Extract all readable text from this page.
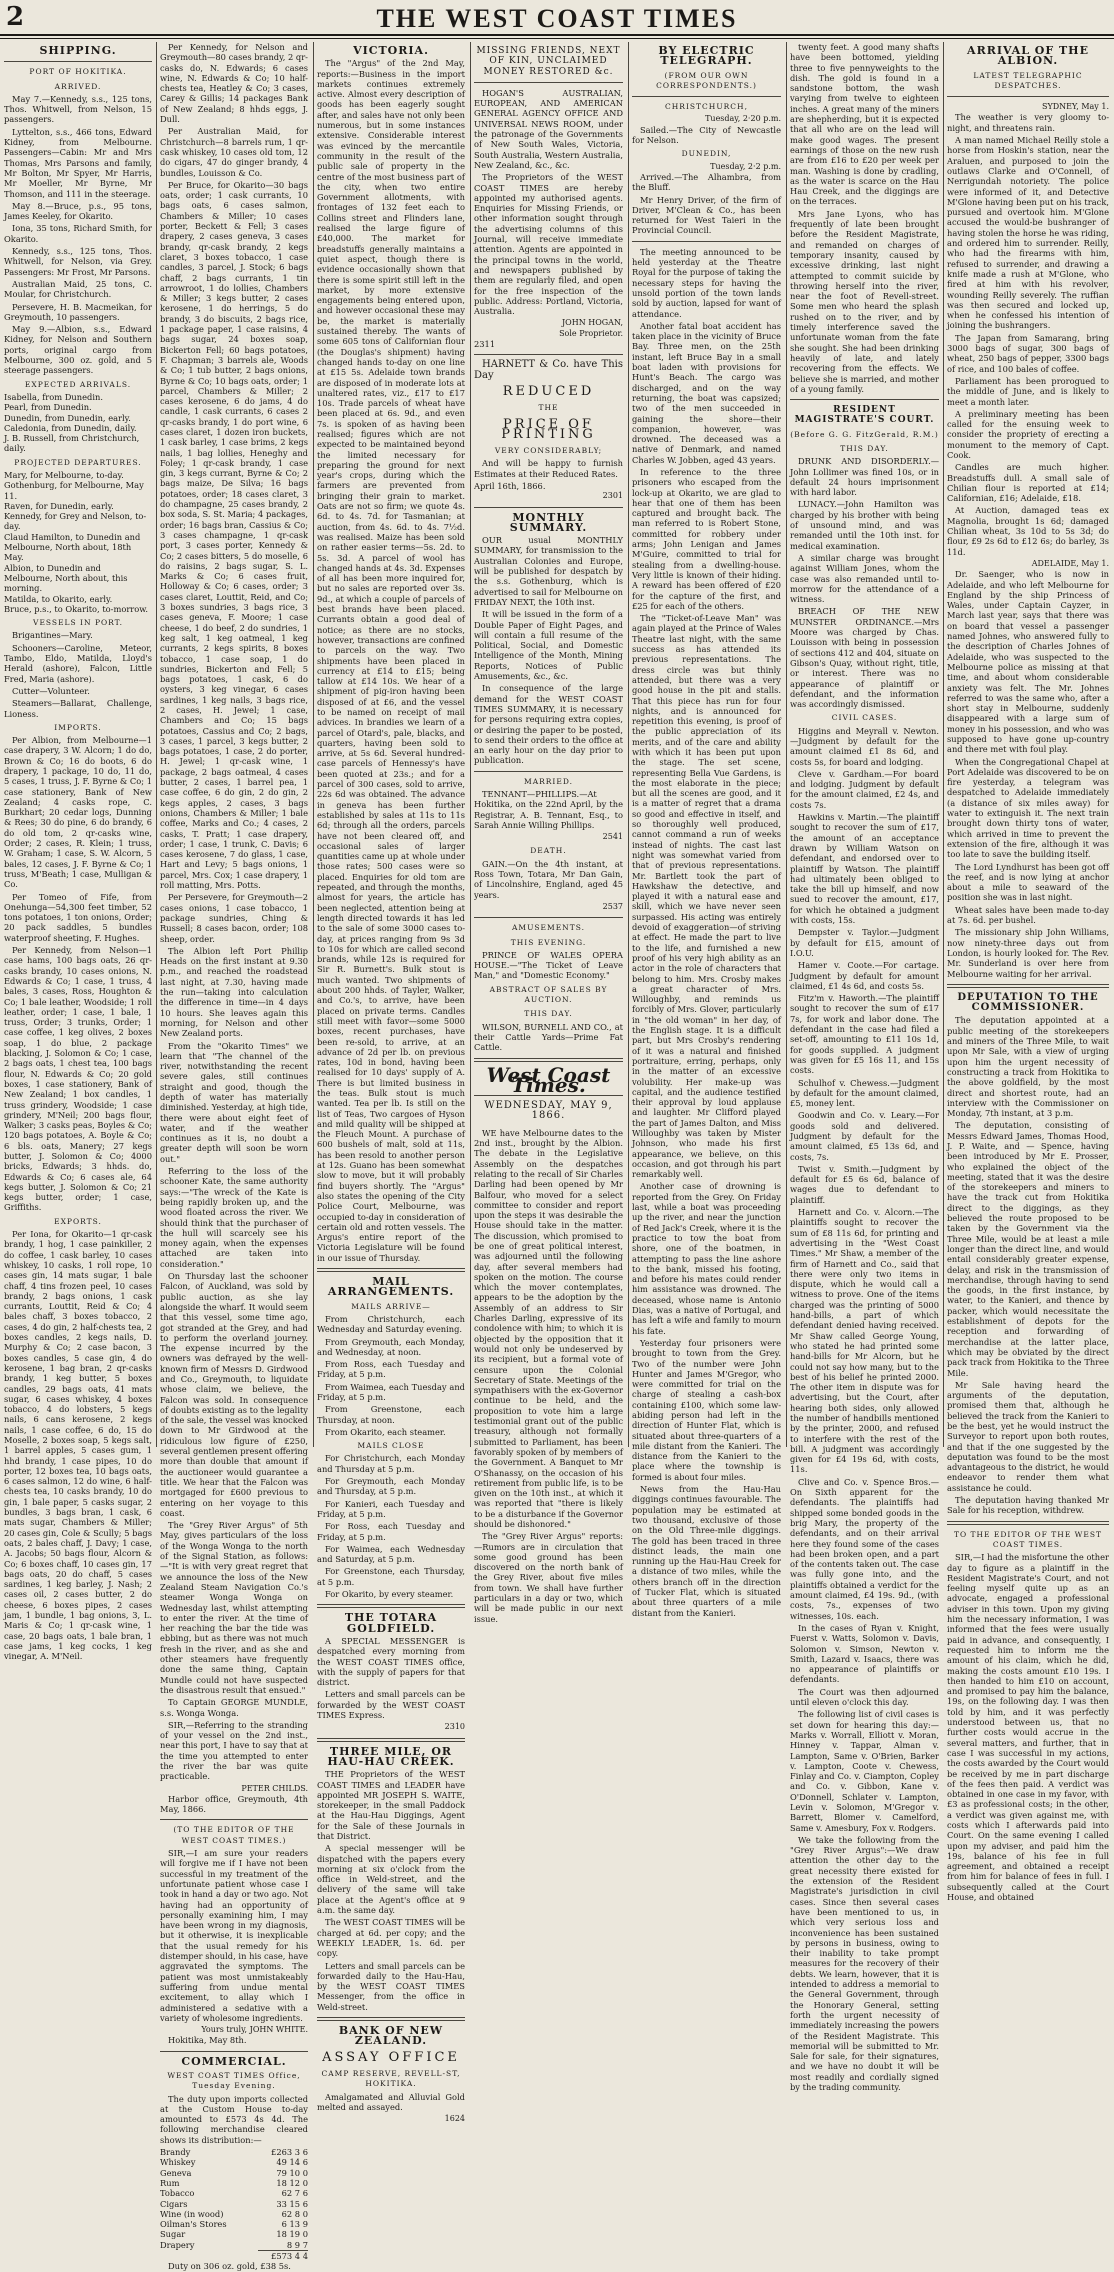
2	THE WEST COAST TIMES
SHIPPING.
PORT OF HOKITIKA.
ARRIVED.
May 7.—Kennedy, s.s., 125 tons, Thos. Whitwell, from Nelson, 15 passengers.
Lyttelton, s.s., 466 tons, Edward Kidney, from Melbourne. Passengers—Cabin: Mr and Mrs Thomas, Mrs Parsons and family, Mr Bolton, Mr Spyer, Mr Harris, Mr Moeller, Mr Byrne, Mr Thomson, and 111 in the steerage.
May 8.—Bruce, p.s., 95 tons, James Keeley, for Okarito.
Iona, 35 tons, Richard Smith, for Okarito.
Kennedy, s.s., 125 tons, Thos. Whitwell, for Nelson, via Grey. Passengers: Mr Frost, Mr Parsons.
Australian Maid, 25 tons, C. Moular, for Christchurch.
Persevere, H. B. Macmeikan, for Greymouth, 10 passengers.
May 9.—Albion, s.s., Edward Kidney, for Nelson and Southern ports, original cargo from Melbourne, 300 oz. gold, and 5 steerage passengers.
EXPECTED ARRIVALS.
Isabella, from Dunedin.
Pearl, from Dunedin.
Dunedin, from Dunedin, early.
Caledonia, from Dunedin, daily.
J. B. Russell, from Christchurch, daily.
PROJECTED DEPARTURES.
Mary, for Melbourne, to-day.
Gothenburg, for Melbourne, May 11.
Raven, for Dunedin, early.
Kennedy, for Grey and Nelson, to-day.
Claud Hamilton, to Dunedin and Melbourne, North about, 18th May.
Albion, to Dunedin and Melbourne, North about, this morning.
Matilda, to Okarito, early.
Bruce, p.s., to Okarito, to-morrow.
VESSELS IN PORT.
Brigantines—Mary.
Schooners—Caroline, Meteor, Tambo, Eldo, Matilda, Lloyd's Herald (ashore), Falcon, Little Fred, Maria (ashore).
Cutter—Volunteer.
Steamers—Ballarat, Challenge, Lioness.
IMPORTS.
Per Albion, from Melbourne—1 case drapery, 3 W. Alcorn; 1 do do, Brown & Co; 16 do boots, 6 do drapery, 1 package, 10 do, 11 do, 5 cases, 1 truss, J. F. Byrne & Co; 1 case stationery, Bank of New Zealand; 4 casks rope, C. Burkhart; 20 cedar logs, Dunning & Rees; 30 do pine, 6 do brandy, 6 do old tom, 2 qr-casks wine, Order; 2 cases, R. Klein; 1 truss, W. Graham; 1 case, S. W. Alcorn, 5 bales, 12 cases, J. F. Byrne & Co; 1 truss, M'Beath; 1 case, Mulligan & Co.
Per Tomeo of Fife, from Onehunga—54,300 feet timber, 52 tons potatoes, 1 ton onions, Order; 20 pack saddles, 5 bundles waterproof sheeting, F. Hughes.
Per Kennedy, from Nelson—1 case hams, 100 bags oats, 26 qr-casks brandy, 10 cases onions, N. Edwards & Co; 1 case, 1 truss, 4 bales, 3 cases, Ross, Houghton & Co; 1 bale leather, Woodside; 1 roll leather, order; 1 case, 1 bale, 1 truss, Order; 3 trunks, Order; 1 case coffee, 1 keg olives, 2 boxes soap, 1 do blue, 2 package blacking, J. Solomon & Co; 1 case, 2 bags oats, 1 chest tea, 100 bags flour, N. Edwards & Co; 20 gold boxes, 1 case stationery, Bank of New Zealand; 1 box candles, 1 truss grindery, Woodside; 1 case grindery, M'Neil; 200 bags flour, Walker; 3 casks peas, Boyles & Co; 120 bags potatoes, A. Boyle & Co; 6 bls. oats, Manery; 27 kegs butter, J. Solomon & Co; 4000 bricks, Edwards; 3 hhds. do, Edwards & Co; 6 cases ale, 64 kegs butter, J. Solomon & Co; 21 kegs butter, order; 1 case, Griffiths.
EXPORTS.
Per Iona, for Okarito—1 qr-cask brandy, 1 hog, 1 case painkiller, 2 do coffee, 1 cask barley, 10 cases whiskey, 10 casks, 1 roll rope, 10 cases gin, 14 mats sugar, 1 bale chaff, 4 tins frozen peel, 10 cases brandy, 2 bags onions, 1 cask currants, Louttit, Reid & Co; 4 bales chaff, 3 boxes tobacco, 2 cases, 4 do gin, 2 half-chests tea, 2 boxes candles, 2 kegs nails, D. Murphy & Co; 2 case bacon, 3 boxes candles, 5 case gin, 4 do kerosene, 1 bag bran, 2 qr-casks brandy, 1 keg butter, 5 boxes candles, 29 bags oats, 41 mats sugar, 6 cases whiskey, 4 boxes tobacco, 4 do lobsters, 5 kegs nails, 6 cans kerosene, 2 kegs nails, 1 case coffee, 6 do, 15 do Moselle, 2 boxes soap, 5 kegs salt, 1 barrel apples, 5 cases gum, 1 hhd brandy, 1 case pipes, 10 do porter, 12 boxes tea, 10 bags oats, 6 cases salmon, 12 do wine, 6 half-chests tea, 10 casks brandy, 10 do gin, 1 bale paper, 5 casks sugar, 2 bundles, 3 bags bran, 1 cask, 6 mats sugar, Chambers & Miller; 20 cases gin, Cole & Scully; 5 bags oats, 2 bales chaff, J. Davy; 1 case, A. Jacobs; 50 bags flour, Alcorn & Co; 6 boxes chaff, 10 cases gin, 17 bags oats, 20 do chaff, 5 cases sardines, 1 keg barley, J. Nash; 2 cases oil, 2 cases butter, 2 do cheese, 6 boxes pipes, 2 cases jam, 1 bundle, 1 bag onions, 3, L. Maris & Co; 1 qr-cask wine, 1 case, 20 bags oats, 1 bale bran, 1 case jams, 1 keg cocks, 1 keg vinegar, A. M'Neil.
Per Kennedy, for Nelson and Greymouth—80 cases brandy, 2 qr-casks do, N. Edwards; 6 cases wine, N. Edwards & Co; 10 half-chests tea, Heatley & Co; 3 cases, Carey & Gillis; 14 packages Bank of New Zealand; 8 hhds eggs, J. Dull.
Per Australian Maid, for Christchurch—8 barrels rum, 1 qr-cask whiskey, 10 cases old tom, 12 do cigars, 47 do ginger brandy, 4 bundles, Louisson & Co.
Per Bruce, for Okarito—30 bags oats, order; 1 cask currants, 10 bags oats, 6 cases salmon, Chambers & Miller; 10 cases porter, Beckett & Fell; 3 cases drapery, 2 cases geneva, 3 cases brandy, qr-cask brandy, 2 kegs claret, 3 boxes tobacco, 1 case candles, 3 parcel, J. Stock; 6 bags chaff, 2 bags currants, 1 tin arrowroot, 1 do lollies, Chambers & Miller; 3 kegs butter, 2 cases kerosene, 1 do herrings, 5 do brandy, 3 do biscuits, 2 bags rice, 1 package paper, 1 case raisins, 4 bags sugar, 24 boxes soap, Bickerton Fell; 60 bags potatoes, F. Chapman; 3 barrels ale, Woods & Co; 1 tub butter, 2 bags onions, Byrne & Co; 10 bags oats, order; 1 parcel, Chambers & Miller; 2 cases kerosene, 6 do jams, 4 do candle, 1 cask currants, 6 cases 2 qr-casks brandy, 1 do port wine, 6 cases claret, 1 dozen iron buckets, 1 cask barley, 1 case brims, 2 kegs nails, 1 bag lollies, Heneghy and Foley; 1 qr-cask brandy, 1 case gin, 3 kegs currant, Byrne & Co; 2 bags maize, De Silva; 16 bags potatoes, order; 18 cases claret, 3 do champagne, 25 cases brandy, 2 box soda, S. St. Maria; 4 packages, order; 16 bags bran, Cassius & Co; 3 cases champagne, 1 qr-cask port, 3 cases porter, Kennedy & Co; 2 cases bitters, 5 do moselle, 6 do raisins, 2 bags sugar, S. L. Marks & Co; 6 cases fruit, Holloway & Co; 6 cases, order; 3 cases claret, Louttit, Reid, and Co; 3 boxes sundries, 3 bags rice, 3 cases geneva, F. Moore; 1 case cheese, 1 do beef, 2 do sundries, 1 keg salt, 1 keg oatmeal, 1 keg currants, 2 kegs spirits, 8 boxes tobacco, 1 case soap, 1 do sundries, Bickerton and Fell; 5 bags potatoes, 1 cask, 6 do oysters, 3 keg vinegar, 6 cases sardines, 1 keg nails, 3 bags rice, 2 cases, H. Jewel; 1 case, Chambers and Co; 15 bags potatoes, Cassius and Co; 2 bags, 3 cases, 1 parcel, 3 kegs butter, 2 bags potatoes, 1 case, 2 do porter, H. Jewel; 1 qr-cask wine, 1 package, 2 bags oatmeal, 4 cases butter, 2 cases, 1 barrel pea, 1 case coffee, 6 do gin, 2 do gin, 2 kegs apples, 2 cases, 3 bags onions, Chambers & Miller; 1 bale coffee, Marks and Co.; 4 cases, 2 casks, T. Pratt; 1 case drapery, order; 1 case, 1 trunk, C. Davis; 6 cases kerosene, 7 do glass, 1 case, Hart and Levy; 5 bags onions, 1 parcel, Mrs. Cox; 1 case drapery, 1 roll matting, Mrs. Potts.
Per Persevere, for Greymouth—2 cases onions, 1 case tobacco, 1 package sundries, Ching & Russell; 8 cases bacon, order; 108 sheep, order.
The Albion left Port Phillip Heads on the first instant at 9.30 p.m., and reached the roadstead last night, at 7.30, having made the run—taking into calculation the difference in time—in 4 days 10 hours. She leaves again this morning, for Nelson and other New Zealand ports.
From the "Okarito Times" we learn that "The channel of the river, notwithstanding the recent severe gales, still continues straight and good, though the depth of water has materially diminished. Yesterday, at high tide, there were about eight feet of water, and if the weather continues as it is, no doubt a greater depth will soon be worn out."
Referring to the loss of the schooner Kate, the same authority says:—"The wreck of the Kate is being rapidly broken up, and the wood floated across the river. We should think that the purchaser of the hull will scarcely see his money again, when the expenses attached are taken into consideration."
On Thursday last the schooner Falcon, of Auckland, was sold by public auction, as she lay alongside the wharf. It would seem that this vessel, some time ago, got stranded at the Grey, and had to perform the overland journey. The expense incurred by the owners was defrayed by the well-known firm of Messrs D. Girdwood and Co., Greymouth, to liquidate whose claim, we believe, the Falcon was sold. In consequence of doubts existing as to the legality of the sale, the vessel was knocked down to Mr Girdwood at the ridiculous low figure of £250, several gentlemen present offering more than double that amount if the auctioneer would guarantee a title. We hear that the Falcon was mortgaged for £600 previous to entering on her voyage to this coast.
The "Grey River Argus" of 5th May, gives particulars of the loss of the Wonga Wonga to the north of the Signal Station, as follows:—"It is with very great regret that we announce the loss of the New Zealand Steam Navigation Co.'s steamer Wonga Wonga on Wednesday last, whilst attempting to enter the river. At the time of her reaching the bar the tide was ebbing, but as there was not much fresh in the river, and as she and other steamers have frequently done the same thing, Captain Mundle could not have suspected the disastrous result that ensued."
To Captain GEORGE MUNDLE, s.s. Wonga Wonga.
SIR,—Referring to the stranding of your vessel on the 2nd inst., near this port, I have to say that at the time you attempted to enter the river the bar was quite practicable.
PETER CHILDS.
Harbor office, Greymouth, 4th May, 1866.
(TO THE EDITOR OF THE WEST COAST TIMES.)
SIR,—I am sure your readers will forgive me if I have not been successful in my treatment of the unfortunate patient whose case I took in hand a day or two ago. Not having had an opportunity of personally examining him, I may have been wrong in my diagnosis, but it otherwise, it is inexplicable that the usual remedy for his distemper should, in his case, have aggravated the symptoms. The patient was most unmistakeably suffering from undue mental excitement, to allay which I administered a sedative with a variety of wholesome ingredients.
Yours truly, JOHN WHITE.
Hokitika, May 8th.
COMMERCIAL.
WEST COAST TIMES Office, Tuesday Evening.
The duty upon imports collected at the Custom House to-day amounted to £573 4s 4d. The following merchandise cleared shows its distribution:—
Brandy	£263 3 6
Whiskey	49 14 6
Geneva	79 10 0
Rum	18 12 0
Tobacco	62 7 6
Cigars	33 15 6
Wine (in wood)	62 8 0
Oilman's Stores	6 13 9
Sugar	18 19 0
Drapery	8 9 7
	£573 4 4
Duty on 306 oz. gold, £38 5s.
VICTORIA.
The "Argus" of the 2nd May, reports:—Business in the import markets continues extremely active. Almost every description of goods has been eagerly sought after, and sales have not only been numerous, but in some instances extensive. Considerable interest was evinced by the mercantile community in the result of the public sale of property in the centre of the most business part of the city, when two entire Government allotments, with frontages of 132 feet each to Collins street and Flinders lane, realised the large figure of £40,000. The market for breadstuffs generally maintains a quiet aspect, though there is evidence occasionally shown that there is some spirit still left in the market, by more extensive engagements being entered upon, and however occasional these may be, the market is materially sustained thereby. The wants of some 605 tons of Californian flour (the Douglas's shipment) having changed hands to-day on one line at £15 5s. Adelaide town brands are disposed of in moderate lots at unaltered rates, viz., £17 to £17 10s. Trade parcels of wheat have been placed at 6s. 9d., and even 7s. is spoken of as having been realised; figures which are not expected to be maintained beyond the limited necessary for preparing the ground for next year's crops, during which the farmers are prevented from bringing their grain to market. Oats are not so firm; we quote 4s. 6d. to 4s. 7d. for Tasmanian; at auction, from 4s. 6d. to 4s. 7½d. was realised. Maize has been sold on rather easier terms—5s. 2d. to 5s. 3d. A parcel of wool has changed hands at 4s. 3d. Expenses of all has been more inquired for, but no sales are reported over 3s. 9d., at which a couple of parcels of best brands have been placed. Currants obtain a good deal of notice; as there are no stocks, however, transactions are confined to parcels on the way. Two shipments have been placed in currency at £14 to £15; being tallow at £14 10s. We hear of a shipment of pig-iron having been disposed of at £6, and the vessel to be named on receipt of mail advices. In brandies we learn of a parcel of Otard's, pale, blacks, and quarters, having been sold to arrive, at 5s 6d. Several hundred-case parcels of Hennessy's have been quoted at 23s.; and for a parcel of 300 cases, sold to arrive, 22s 6d was obtained. The advance in geneva has been further established by sales at 11s to 11s 6d; through all the orders, parcels have not been cleared off, and occasional sales of larger quantities came up at whole under those rates; 500 cases were so placed. Enquiries for old tom are repeated, and through the months, almost for years, the article has been neglected, attention being at length directed towards it has led to the sale of some 3000 cases to-day, at prices ranging from 9s 3d to 10s for which are called second brands, while 12s is required for Sir R. Burnett's. Bulk stout is much wanted. Two shipments of about 200 hhds. of Tayler, Walker, and Co.'s, to arrive, have been placed on private terms. Candles still meet with favor—some 5000 boxes, recent purchases, have been re-sold, to arrive, at an advance of 2d per lb. on previous rates, 10d in bond, having been realised for 10 days' supply of A. There is but limited business in the teas. Bulk stout is much wanted. Tea per lb. Is still on the list of Teas, Two cargoes of Hyson and mild quality will be shipped at the Fleuch Mount. A purchase of 600 bushels of malt, sold at 11s, has been resold to another person at 12s. Guano has been somewhat slow to move, but it will probably find buyers shortly. The "Argus" also states the opening of the City Police Court, Melbourne, was occupied to-day in consideration of certain old and rotten vessels. The Argus's entire report of the Victoria Legislature will be found in our issue of Thursday.
MAIL ARRANGEMENTS.
MAILS ARRIVE—
From Christchurch, each Wednesday and Saturday evening.
From Greymouth, each Monday, and Wednesday, at noon.
From Ross, each Tuesday and Friday, at 5 p.m.
From Waimea, each Tuesday and Friday, at 5 p.m.
From Greenstone, each Thursday, at noon.
From Okarito, each steamer.
MAILS CLOSE
For Christchurch, each Monday and Thursday at 5 p.m.
For Greymouth, each Monday and Thursday, at 5 p.m.
For Kanieri, each Tuesday and Friday, at 5 p.m.
For Ross, each Tuesday and Friday, at 5 p.m.
For Waimea, each Wednesday and Saturday, at 5 p.m.
For Greenstone, each Thursday, at 5 p.m.
For Okarito, by every steamer.
THE TOTARA GOLDFIELD.
A SPECIAL MESSENGER is despatched every morning from the WEST COAST TIMES office, with the supply of papers for that district.
Letters and small parcels can be forwarded by the WEST COAST TIMES Express.
2310
THREE MILE, OR HAU-HAU CREEK.
THE Proprietors of the WEST COAST TIMES and LEADER have appointed MR JOSEPH S. WAITE, storekeeper, in the small Paddock at the Hau-Hau Diggings, Agent for the Sale of these Journals in that District.
A special messenger will be dispatched with the papers every morning at six o'clock from the office in Weld-street, and the delivery of the same will take place at the Agent's office at 9 a.m. the same day.
The WEST COAST TIMES will be charged at 6d. per copy; and the WEEKLY LEADER, 1s. 6d. per copy.
Letters and small parcels can be forwarded daily to the Hau-Hau, by the WEST COAST TIMES Messenger, from the office in Weld-street.
BANK OF NEW ZEALAND.
ASSAY OFFICE
CAMP RESERVE, REVELL-ST, HOKITIKA.
Amalgamated and Alluvial Gold melted and assayed.
1624
MISSING FRIENDS, NEXT OF KIN, UNCLAIMED MONEY RESTORED &c.
HOGAN'S AUSTRALIAN, EUROPEAN, AND AMERICAN GENERAL AGENCY OFFICE AND UNIVERSAL NEWS ROOM, under the patronage of the Governments of New South Wales, Victoria, South Australia, Western Australia, New Zealand, &c., &c.
The Proprietors of the WEST COAST TIMES are hereby appointed my authorised agents. Enquiries for Missing Friends, or other information sought through the advertising columns of this Journal, will receive immediate attention. Agents are appointed in the principal towns in the world, and newspapers published by them are regularly filed, and open for the free inspection of the public. Address: Portland, Victoria, Australia.
JOHN HOGAN,
Sole Proprietor.
2311
HARNETT & Co. have This Day
REDUCED
THE
PRICE OF PRINTING
VERY CONSIDERABLY;
And will be happy to furnish Estimates at their Reduced Rates.
April 16th, 1866.
2301
MONTHLY SUMMARY.
OUR usual MONTHLY SUMMARY, for transmission to the Australian Colonies and Europe, will be published for despatch by the s.s. Gothenburg, which is advertised to sail for Melbourne on FRIDAY NEXT, the 10th inst.
It will be issued in the form of a Double Paper of Eight Pages, and will contain a full resume of the Political, Social, and Domestic Intelligence of the Month, Mining Reports, Notices of Public Amusements, &c., &c.
In consequence of the large demand for the WEST COAST TIMES SUMMARY, it is necessary for persons requiring extra copies, or desiring the paper to be posted, to send their orders to the office at an early hour on the day prior to publication.
MARRIED.
TENNANT—PHILLIPS.—At Hokitika, on the 22nd April, by the Registrar, A. B. Tennant, Esq., to Sarah Annie Willing Phillips.
2541
DEATH.
GAIN.—On the 4th instant, at Ross Town, Totara, Mr Dan Gain, of Lincolnshire, England, aged 45 years.
2537
AMUSEMENTS.
THIS EVENING.
PRINCE OF WALES OPERA HOUSE.—"The Ticket of Leave Man," and "Domestic Economy."
ABSTRACT OF SALES BY AUCTION.
THIS DAY.
WILSON, BURNELL AND CO., at their Cattle Yards—Prime Fat Cattle.
West Coast Times.
WEDNESDAY, MAY 9, 1866.
WE have Melbourne dates to the 2nd inst., brought by the Albion. The debate in the Legislative Assembly on the despatches relating to the recall of Sir Charles Darling had been opened by Mr Balfour, who moved for a select committee to consider and report upon the steps it was desirable the House should take in the matter. The discussion, which promised to be one of great political interest, was adjourned until the following day, after several members had spoken on the motion. The course which the mover contemplates, appears to be the adoption by the Assembly of an address to Sir Charles Darling, expressive of its condolence with him; to which it is objected by the opposition that it would not only be undeserved by its recipient, but a formal vote of censure upon the Colonial Secretary of State. Meetings of the sympathisers with the ex-Governor continue to be held, and the proposition to vote him a large testimonial grant out of the public treasury, although not formally submitted to Parliament, has been favorably spoken of by members of the Government. A Banquet to Mr O'Shanassy, on the occasion of his retirement from public life, is to be given on the 10th inst., at which it was reported that "there is likely to be a disturbance if the Governor should be dishonored."
The "Grey River Argus" reports:—Rumors are in circulation that some good ground has been discovered on the north bank of the Grey River, about five miles from town. We shall have further particulars in a day or two, which will be made public in our next issue.
BY ELECTRIC TELEGRAPH.
(FROM OUR OWN CORRESPONDENTS.)
CHRISTCHURCH,
Tuesday, 2·20 p.m.
Sailed.—The City of Newcastle for Nelson.
DUNEDIN,
Tuesday, 2·2 p.m.
Arrived.—The Alhambra, from the Bluff.
Mr Henry Driver, of the firm of Driver, M'Clean & Co., has been returned for West Taieri in the Provincial Council.
The meeting announced to be held yesterday at the Theatre Royal for the purpose of taking the necessary steps for having the unsold portion of the town lands sold by auction, lapsed for want of attendance.
Another fatal boat accident has taken place in the vicinity of Bruce Bay. Three men, on the 25th instant, left Bruce Bay in a small boat laden with provisions for Hunt's Beach. The cargo was discharged, and on the way returning, the boat was capsized; two of the men succeeded in gaining the shore—their companion, however, was drowned. The deceased was a native of Denmark, and named Charles W. Jobben, aged 43 years.
In reference to the three prisoners who escaped from the lock-up at Okarito, we are glad to hear that one of them has been captured and brought back. The man referred to is Robert Stone, committed for robbery under arms; John Lenigan and James M'Guire, committed to trial for stealing from a dwelling-house. Very little is known of their hiding. A reward has been offered of £20 for the capture of the first, and £25 for each of the others.
The "Ticket-of-Leave Man" was again played at the Prince of Wales Theatre last night, with the same success as has attended its previous representations. The dress circle was but thinly attended, but there was a very good house in the pit and stalls. That this piece has run for four nights, and is announced for repetition this evening, is proof of the public appreciation of its merits, and of the care and ability with which it has been put upon the stage. The set scene, representing Bella Vue Gardens, is the most elaborate in the piece; but all the scenes are good, and it is a matter of regret that a drama so good and effective in itself, and so thoroughly well produced, cannot command a run of weeks instead of nights. The cast last night was somewhat varied from that of previous representations. Mr. Bartlett took the part of Hawkshaw the detective, and played it with a natural ease and skill, which we have never seen surpassed. His acting was entirely devoid of exaggeration—of striving at effect. He made the part to live to the life, and furnished a new proof of his very high ability as an actor in the role of characters that belong to him. Mrs. Crosby makes a great character of Mrs. Willoughby, and reminds us forcibly of Mrs. Glover, particularly in "the old woman" in her day, of the English stage. It is a difficult part, but Mrs Crosby's rendering of it was a natural and finished portraiture, erring, perhaps, only in the matter of an excessive volubility. Her make-up was capital, and the audience testified their approval by loud applause and laughter. Mr Clifford played the part of James Dalton, and Miss Willoughby was taken by Mister Johnson, who made his first appearance, we believe, on this occasion, and got through his part remarkably well.
Another case of drowning is reported from the Grey. On Friday last, while a boat was proceeding up the river, and near the junction of Red Jack's Creek, where it is the practice to tow the boat from shore, one of the boatmen, in attempting to pass the line ashore to the bank, missed his footing, and before his mates could render him assistance was drowned. The deceased, whose name is Antonio Dias, was a native of Portugal, and has left a wife and family to mourn his fate.
Yesterday four prisoners were brought to town from the Grey. Two of the number were John Hunter and James M'Gregor, who were committed for trial on the charge of stealing a cash-box containing £100, which some law-abiding person had left in the direction of Hunter Flat, which is situated about three-quarters of a mile distant from the Kanieri. The distance from the Kanieri to the place where the township is formed is about four miles.
News from the Hau-Hau diggings continues favourable. The population may be estimated at two thousand, exclusive of those on the Old Three-mile diggings. The gold has been traced in three distinct leads, the main one running up the Hau-Hau Creek for a distance of two miles, while the others branch off in the direction of Tucker Flat, which is situated about three quarters of a mile distant from the Kanieri.
twenty feet. A good many shafts have been bottomed, yielding three to five pennyweights to the dish. The gold is found in a sandstone bottom, the wash varying from twelve to eighteen inches. A great many of the miners are shepherding, but it is expected that all who are on the lead will make good wages. The present earnings of those on the new rush are from £16 to £20 per week per man. Washing is done by cradling, as the water is scarce on the Hau Hau Creek, and the diggings are on the terraces.
Mrs Jane Lyons, who has frequently of late been brought before the Resident Magistrate, and remanded on charges of temporary insanity, caused by excessive drinking, last night attempted to commit suicide by throwing herself into the river, near the foot of Revell-street. Some men who heard the splash rushed on to the river, and by timely interference saved the unfortunate woman from the fate she sought. She had been drinking heavily of late, and lately recovering from the effects. We believe she is married, and mother of a young family.
RESIDENT MAGISTRATE'S COURT.
(Before G. G. FitzGerald, R.M.)
THIS DAY.
DRUNK AND DISORDERLY.—John Lollimer was fined 10s, or in default 24 hours imprisonment with hard labor.
LUNACY.—John Hamilton was charged by his brother with being of unsound mind, and was remanded until the 10th inst. for medical examination.
A similar charge was brought against William Jones, whom the case was also remanded until to-morrow for the attendance of a witness.
BREACH OF THE NEW MUNSTER ORDINANCE.—Mrs Moore was charged by Chas. Louisson with being in possession of sections 412 and 404, situate on Gibson's Quay, without right, title, or interest. There was no appearance of plaintiff or defendant, and the information was accordingly dismissed.
CIVIL CASES.
Higgins and Meyrall v. Newton.—Judgment by default for the amount claimed £1 8s 6d, and costs 5s, for board and lodging.
Cleve v. Gardham.—For board and lodging. Judgment by default for the amount claimed, £2 4s, and costs 7s.
Hawkins v. Martin.—The plaintiff sought to recover the sum of £17, the amount of an acceptance drawn by William Watson on defendant, and endorsed over to plaintiff by Watson. The plaintiff had ultimately been obliged to take the bill up himself, and now sued to recover the amount, £17, for which he obtained a judgment with costs, 15s.
Dempster v. Taylor.—Judgment by default for £15, amount of I.O.U.
Hamer v. Coote.—For cartage. Judgment by default for amount claimed, £1 4s 6d, and costs 5s.
Fitz'm v. Haworth.—The plaintiff sought to recover the sum of £17 7s, for work and labor done. The defendant in the case had filed a set-off, amounting to £11 10s 1d, for goods supplied. A judgment was given for £5 16s 11, and 15s costs.
Schulhof v. Chewess.—Judgment by default for the amount claimed, £5, money lent.
Goodwin and Co. v. Leary.—For goods sold and delivered. Judgment by default for the amount claimed, £5 13s 6d, and costs, 7s.
Twist v. Smith.—Judgment by default for £5 6s 6d, balance of wages due to defendant to plaintiff.
Harnett and Co. v. Alcorn.—The plaintiffs sought to recover the sum of £8 11s 6d, for printing and advertising in the "West Coast Times." Mr Shaw, a member of the firm of Harnett and Co., said that there were only two items in dispute, which he would call a witness to prove. One of the items charged was the printing of 5000 hand-bills, a part of which defendant denied having received. Mr Shaw called George Young, who stated he had printed some hand-bills for Mr Alcorn, but he could not say how many, but to the best of his belief he printed 2000. The other item in dispute was for advertising, but the Court, after hearing both sides, only allowed the number of handbills mentioned by the printer, 2000, and refused to interfere with the rest of the bill. A judgment was accordingly given for £4 19s 6d, with costs, 11s.
Clive and Co. v. Spence Bros.—On Sixth apparent for the defendants. The plaintiffs had shipped some bonded goods in the brig Mary, the property of the defendants, and on their arrival here they found some of the cases had been broken open, and a part of the contents taken out. The case was fully gone into, and the plaintiffs obtained a verdict for the amount claimed, £4 19s. 9d., (with costs, 7s., expenses of two witnesses, 10s. each.
In the cases of Ryan v. Knight, Fuerst v. Watts, Solomon v. Davis, Solomon v. Simson, Newton v. Smith, Lazard v. Isaacs, there was no appearance of plaintiffs or defendants.
The Court was then adjourned until eleven o'clock this day.
The following list of civil cases is set down for hearing this day:—Marks v. Worrall, Elliott v. Moran, Hinney v. Tappar, Alman v. Lampton, Same v. O'Brien, Barker v. Lampton, Coote v. Chewess, Finlay and Co. v. Ciampton, Copley and Co. v. Gibbon, Kane v. O'Donnell, Schlater v. Lampton, Levin v. Solomon, M'Gregor v. Barrett, Blomer v. Camelford, Same v. Amesbury, Fox v. Rodgers.
We take the following from the "Grey River Argus":—We draw attention the other day to the great necessity there existed for the extension of the Resident Magistrate's jurisdiction in civil cases. Since then several cases have been mentioned to us, in which very serious loss and inconvenience has been sustained by persons in business, owing to their inability to take prompt measures for the recovery of their debts. We learn, however, that it is intended to address a memorial to the General Government, through the Honorary General, setting forth the urgent necessity of immediately increasing the powers of the Resident Magistrate. This memorial will be submitted to Mr. Sale for sale, for their signatures, and we have no doubt it will be most readily and cordially signed by the trading community.
ARRIVAL OF THE ALBION.
LATEST TELEGRAPHIC DESPATCHES.
SYDNEY, May 1.
The weather is very gloomy to-night, and threatens rain.
A man named Michael Reilly stole a horse from Hoskin's station, near the Araluen, and purposed to join the outlaws Clarke and O'Connell, of Nerrigundah notoriety. The police were informed of it, and Detective M'Glone having been put on his track, pursued and overtook him. M'Glone accused the would-be bushranger of having stolen the horse he was riding, and ordered him to surrender. Reilly, who had the firearms with him, refused to surrender, and drawing a knife made a rush at M'Glone, who fired at him with his revolver, wounding Reilly severely. The ruffian was then secured and locked up, when he confessed his intention of joining the bushrangers.
The Japan from Samarang, bring 3000 bags of sugar, 300 bags of wheat, 250 bags of pepper, 3300 bags of rice, and 100 bales of coffee.
Parliament has been prorogued to the middle of June, and is likely to meet a month later.
A preliminary meeting has been called for the ensuing week to consider the propriety of erecting a monument to the memory of Capt. Cook.
Candles are much higher. Breadstuffs dull. A small sale of Chilian flour is reported at £14; Californian, £16; Adelaide, £18.
At Auction, damaged teas ex Magnolia, brought 1s 6d; damaged Chilian wheat, 3s 10d to 5s 3d; do flour, £9 2s 6d to £12 6s; do barley, 3s 11d.
ADELAIDE, May 1.
Dr. Saenger, who is now in Adelaide, and who left Melbourne for England by the ship Princess of Wales, under Captain Cayzer, in March last year, says that there was on board that vessel a passenger named Johnes, who answered fully to the description of Charles Johnes of Adelaide, who was suspected to the Melbourne police as missing at that time, and about whom considerable anxiety was felt. The Mr. Johnes referred to was the same who, after a short stay in Melbourne, suddenly disappeared with a large sum of money in his possession, and who was supposed to have gone up-country and there met with foul play.
When the Congregational Chapel at Port Adelaide was discovered to be on fire yesterday, a telegram was despatched to Adelaide immediately (a distance of six miles away) for water to extinguish it. The next train brought down thirty tons of water, which arrived in time to prevent the extension of the fire, although it was too late to save the building itself.
The Lord Lyndhurst has been got off the reef, and is now lying at anchor about a mile to seaward of the position she was in last night.
Wheat sales have been made to-day at 7s. 6d. per bushel.
The missionary ship John Williams, now ninety-three days out from London, is hourly looked for. The Rev. Mr. Sunderland is over here from Melbourne waiting for her arrival.
DEPUTATION TO THE COMMISSIONER.
The deputation appointed at a public meeting of the storekeepers and miners of the Three Mile, to wait upon Mr Sale, with a view of urging upon him the urgent necessity of constructing a track from Hokitika to the above goldfield, by the most direct and shortest route, had an interview with the Commissioner on Monday, 7th instant, at 3 p.m.
The deputation, consisting of Messrs Edward James, Thomas Hood, J. P. Waite, and — Spence, having been introduced by Mr E. Prosser, who explained the object of the meeting, stated that it was the desire of the storekeepers and miners to have the track cut from Hokitika direct to the diggings, as they believed the route proposed to be taken by the Government via the Three Mile, would be at least a mile longer than the direct line, and would entail considerably greater expense, delay, and risk in the transmission of merchandise, through having to send the goods, in the first instance, by water, to the Kanieri, and thence by packer, which would necessitate the establishment of depots for the reception and forwarding of merchandise at the latter place, which may be obviated by the direct pack track from Hokitika to the Three Mile.
Mr Sale having heard the arguments of the deputation, promised them that, although he believed the track from the Kanieri to be the best, yet he would instruct the Surveyor to report upon both routes, and that if the one suggested by the deputation was found to be the most advantageous to the district, he would endeavor to render them what assistance he could.
The deputation having thanked Mr Sale for his reception, withdrew.
TO THE EDITOR OF THE WEST COAST TIMES.
SIR,—I had the misfortune the other day to figure as a plaintiff in the Resident Magistrate's Court, and not feeling myself quite up as an advocate, engaged a professional adviser in this town. Upon my giving him the necessary information, I was informed that the fees were usually paid in advance, and consequently, I requested him to inform me the amount of his claim, which he did, making the costs amount £10 19s. I then handed to him £10 on account, and promised to pay him the balance, 19s, on the following day. I was then told by him, and it was perfectly understood between us, that no further costs would accrue in the several matters, and further, that in case I was successful in my actions, the costs awarded by the Court would be received by me in part discharge of the fees then paid. A verdict was obtained in one case in my favor, with £3 as professional costs; in the other, a verdict was given against me, with costs which I afterwards paid into Court. On the same evening I called upon my adviser, and paid him the 19s, balance of his fee in full agreement, and obtained a receipt from him for balance of fees in full. I subsequently called at the Court House, and obtained
